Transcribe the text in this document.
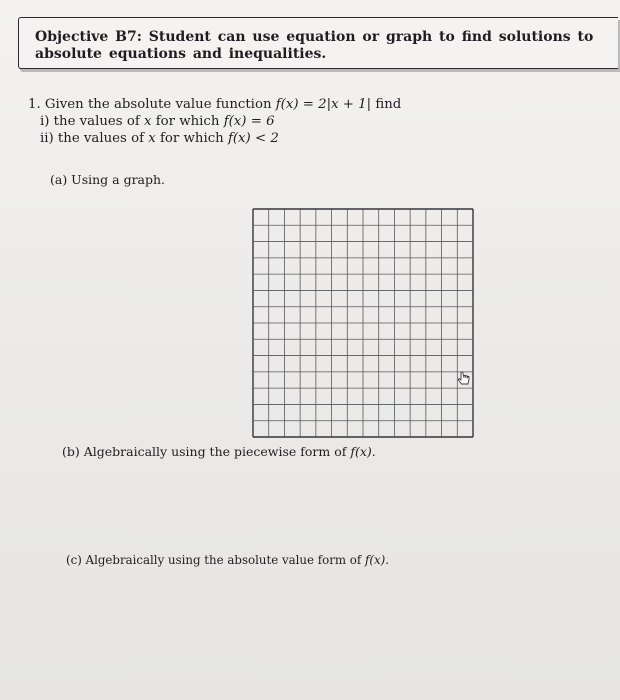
Objective B7: Student can use equation or graph to find solutions to absolute equations and inequalities.
1. Given the absolute value function f(x) = 2|x + 1| find
i) the values of x for which f(x) = 6
ii) the values of x for which f(x) < 2
(a) Using a graph.
(b) Algebraically using the piecewise form of f(x).
(c) Algebraically using the absolute value form of f(x).
